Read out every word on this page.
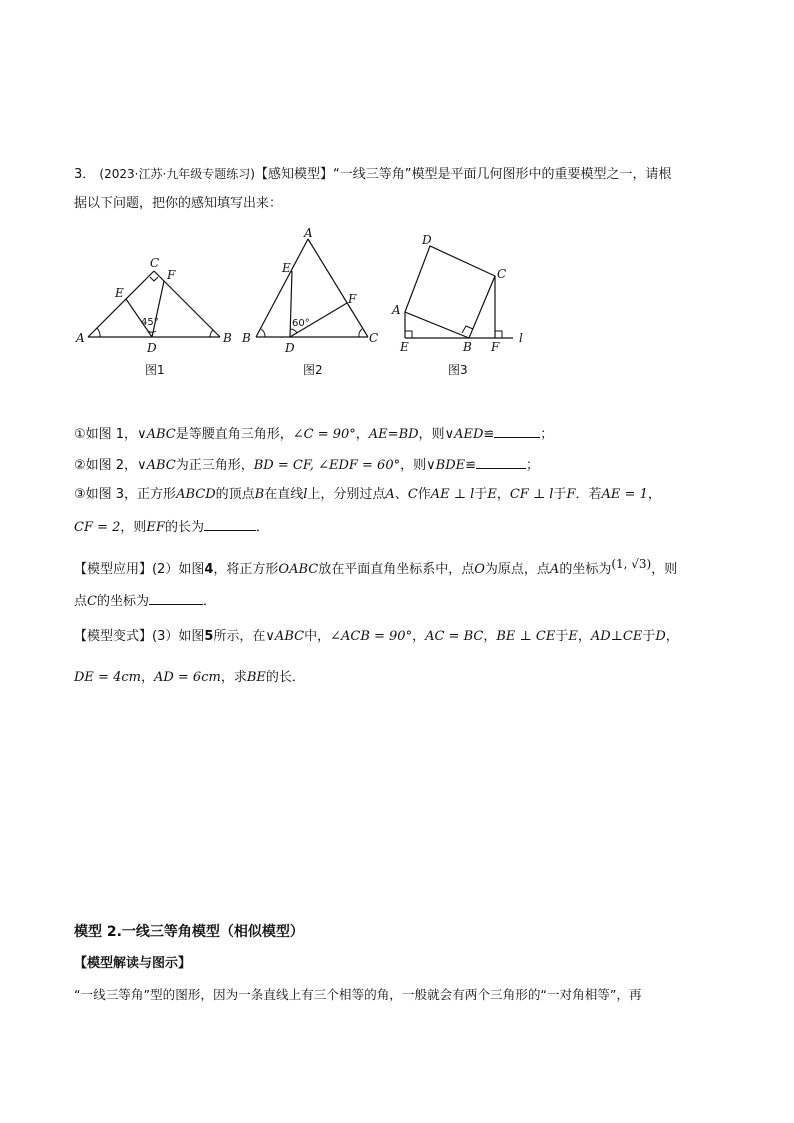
3． (2023·江苏·九年级专题练习)【感知模型】“一线三等角”模型是平面几何图形中的重要模型之一，请根
据以下问题，把你的感知填写出来：
A	B
C
D
E
F
45°
图1
A
B	C
D
E
F
60°
图2
D
C
A
E	B F
l
图3
①如图 1，∨ABC是等腰直角三角形，∠C = 90°，AE=BD，则∨AED≌	；
②如图 2，∨ABC为正三角形，BD = CF, ∠EDF = 60°，则∨BDE≌	；
③如图 3，正方形ABCD的顶点B在直线l上，分别过点A、C作AE ⊥ l于E，CF ⊥ l于F．若AE = 1，
CF = 2，则EF的长为	．
【模型应用】(2）如图4，将正方形OABC放在平面直角坐标系中，点O为原点，点A的坐标为(1, √3)，则
点C的坐标为	．
【模型变式】(3）如图5所示，在∨ABC中，∠ACB = 90°，AC = BC，BE ⊥ CE于E，AD⊥CE于D，
DE = 4cm，AD = 6cm，求BE的长．
模型 2.一线三等角模型（相似模型）
【模型解读与图示】
“一线三等角”型的图形，因为一条直线上有三个相等的角，一般就会有两个三角形的“一对角相等”，再
